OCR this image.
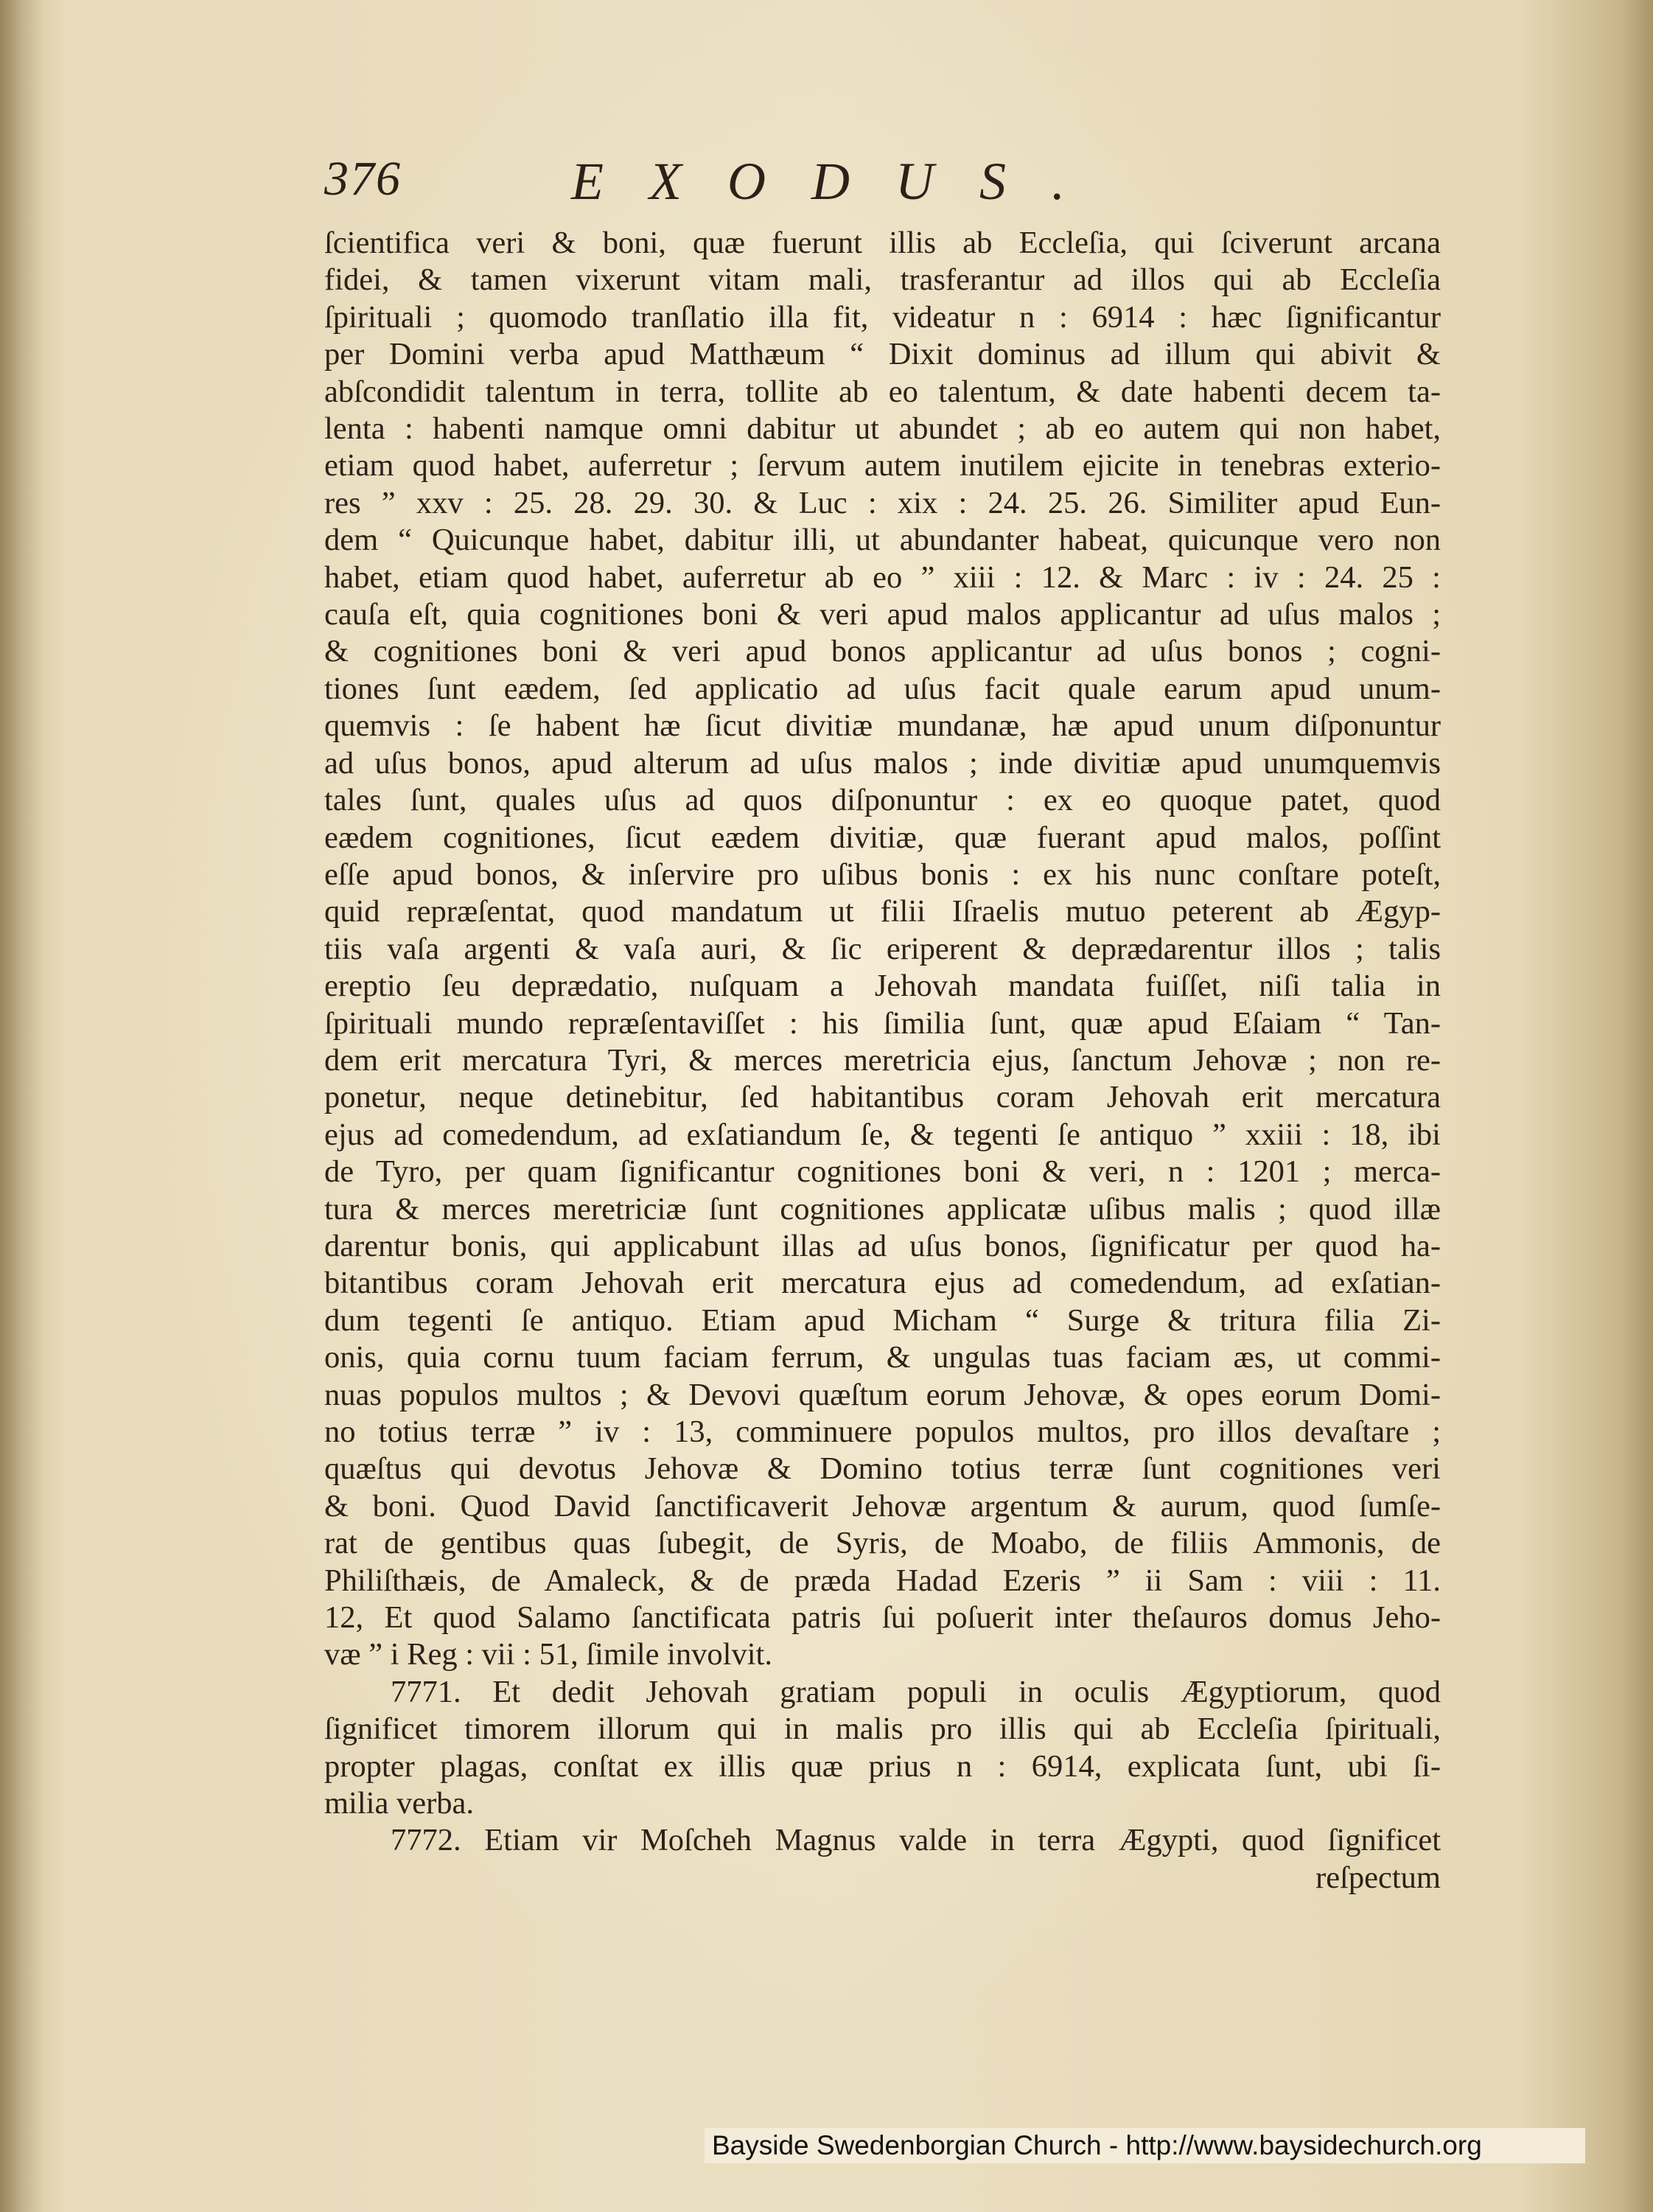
376	EXODUS.
ſcientifica veri & boni, quæ fuerunt illis ab Eccleſia, qui ſciverunt arcana
fidei, & tamen vixerunt vitam mali, trasferantur ad illos qui ab Eccleſia
ſpirituali ; quomodo tranſlatio illa fit, videatur n : 6914 : hæc ſignificantur
per Domini verba apud Matthæum “ Dixit dominus ad illum qui abivit &
abſcondidit talentum in terra, tollite ab eo talentum, & date habenti decem ta-
lenta : habenti namque omni dabitur ut abundet ; ab eo autem qui non habet,
etiam quod habet, auferretur ; ſervum autem inutilem ejicite in tenebras exterio-
res ” xxv : 25. 28. 29. 30. & Luc : xix : 24. 25. 26. Similiter apud Eun-
dem “ Quicunque habet, dabitur illi, ut abundanter habeat, quicunque vero non
habet, etiam quod habet, auferretur ab eo ” xiii : 12. & Marc : iv : 24. 25 :
cauſa eſt, quia cognitiones boni & veri apud malos applicantur ad uſus malos ;
& cognitiones boni & veri apud bonos applicantur ad uſus bonos ; cogni-
tiones ſunt eædem, ſed applicatio ad uſus facit quale earum apud unum-
quemvis : ſe habent hæ ſicut divitiæ mundanæ, hæ apud unum diſponuntur
ad uſus bonos, apud alterum ad uſus malos ; inde divitiæ apud unumquemvis
tales ſunt, quales uſus ad quos diſponuntur : ex eo quoque patet, quod
eædem cognitiones, ſicut eædem divitiæ, quæ fuerant apud malos, poſſint
eſſe apud bonos, & inſervire pro uſibus bonis : ex his nunc conſtare poteſt,
quid repræſentat, quod mandatum ut filii Iſraelis mutuo peterent ab Ægyp-
tiis vaſa argenti & vaſa auri, & ſic eriperent & deprædarentur illos ; talis
ereptio ſeu deprædatio, nuſquam a Jehovah mandata fuiſſet, niſi talia in
ſpirituali mundo repræſentaviſſet : his ſimilia ſunt, quæ apud Eſaiam “ Tan-
dem erit mercatura Tyri, & merces meretricia ejus, ſanctum Jehovæ ; non re-
ponetur, neque detinebitur, ſed habitantibus coram Jehovah erit mercatura
ejus ad comedendum, ad exſatiandum ſe, & tegenti ſe antiquo ” xxiii : 18, ibi
de Tyro, per quam ſignificantur cognitiones boni & veri, n : 1201 ; merca-
tura & merces meretriciæ ſunt cognitiones applicatæ uſibus malis ; quod illæ
darentur bonis, qui applicabunt illas ad uſus bonos, ſignificatur per quod ha-
bitantibus coram Jehovah erit mercatura ejus ad comedendum, ad exſatian-
dum tegenti ſe antiquo. Etiam apud Micham “ Surge & tritura filia Zi-
onis, quia cornu tuum faciam ferrum, & ungulas tuas faciam æs, ut commi-
nuas populos multos ; & Devovi quæſtum eorum Jehovæ, & opes eorum Domi-
no totius terræ ” iv : 13, comminuere populos multos, pro illos devaſtare ;
quæſtus qui devotus Jehovæ & Domino totius terræ ſunt cognitiones veri
& boni. Quod David ſanctificaverit Jehovæ argentum & aurum, quod ſumſe-
rat de gentibus quas ſubegit, de Syris, de Moabo, de filiis Ammonis, de
Philiſthæis, de Amaleck, & de præda Hadad Ezeris ” ii Sam : viii : 11.
12, Et quod Salamo ſanctificata patris ſui poſuerit inter theſauros domus Jeho-
væ ” i Reg : vii : 51, ſimile involvit.
7771. Et dedit Jehovah gratiam populi in oculis Ægyptiorum, quod
ſignificet timorem illorum qui in malis pro illis qui ab Eccleſia ſpirituali,
propter plagas, conſtat ex illis quæ prius n : 6914, explicata ſunt, ubi ſi-
milia verba.
7772. Etiam vir Moſcheh Magnus valde in terra Ægypti, quod ſignificet
reſpectum
Bayside Swedenborgian Church - http://www.baysidechurch.org
